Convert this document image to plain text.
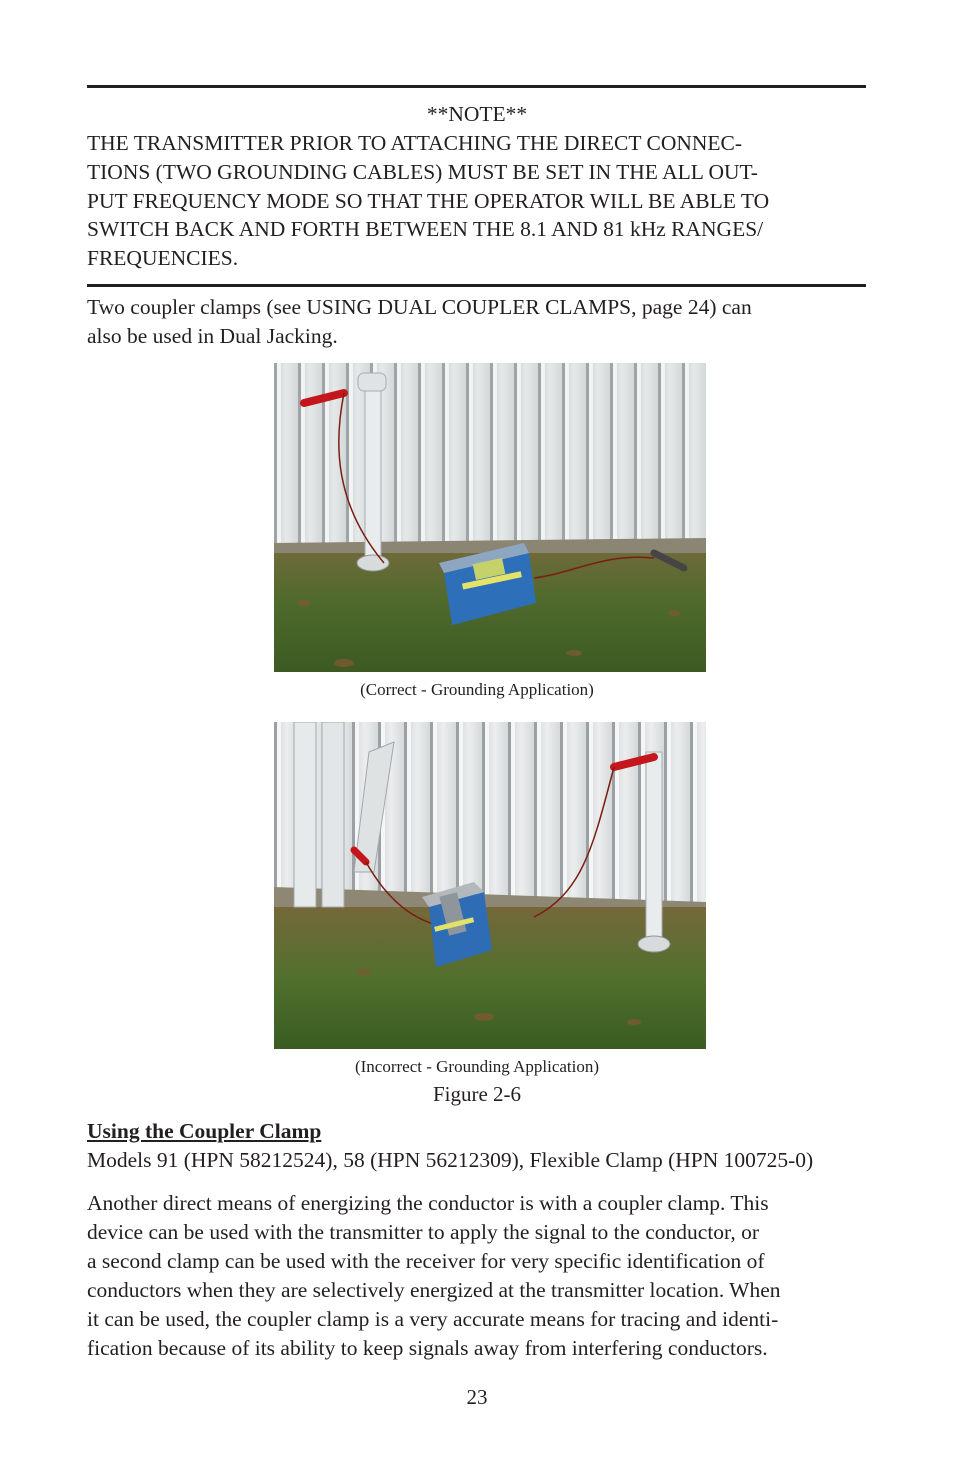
**NOTE**

THE TRANSMITTER PRIOR TO ATTACHING THE DIRECT CONNEC-

TIONS (TWO GROUNDING CABLES) MUST BE SET IN THE ALL OUT-

PUT FREQUENCY MODE SO THAT THE OPERATOR WILL BE ABLE TO

SWITCH BACK AND FORTH BETWEEN THE 8.1 AND 81 kHz RANGES/

FREQUENCIES.

Two coupler clamps (see USING DUAL COUPLER CLAMPS, page 24) can

also be used in Dual Jacking.

(Correct - Grounding Application)

(Incorrect - Grounding Application)

Figure 2-6

Using the Coupler Clamp

Models 91 (HPN 58212524), 58 (HPN 56212309), Flexible Clamp (HPN 100725-0)

Another direct means of energizing the conductor is with a coupler clamp. This

device can be used with the transmitter to apply the signal to the conductor, or

a second clamp can be used with the receiver for very specific identification of

conductors when they are selectively energized at the transmitter location. When

it can be used, the coupler clamp is a very accurate means for tracing and identi-

fication because of its ability to keep signals away from interfering conductors.

23
